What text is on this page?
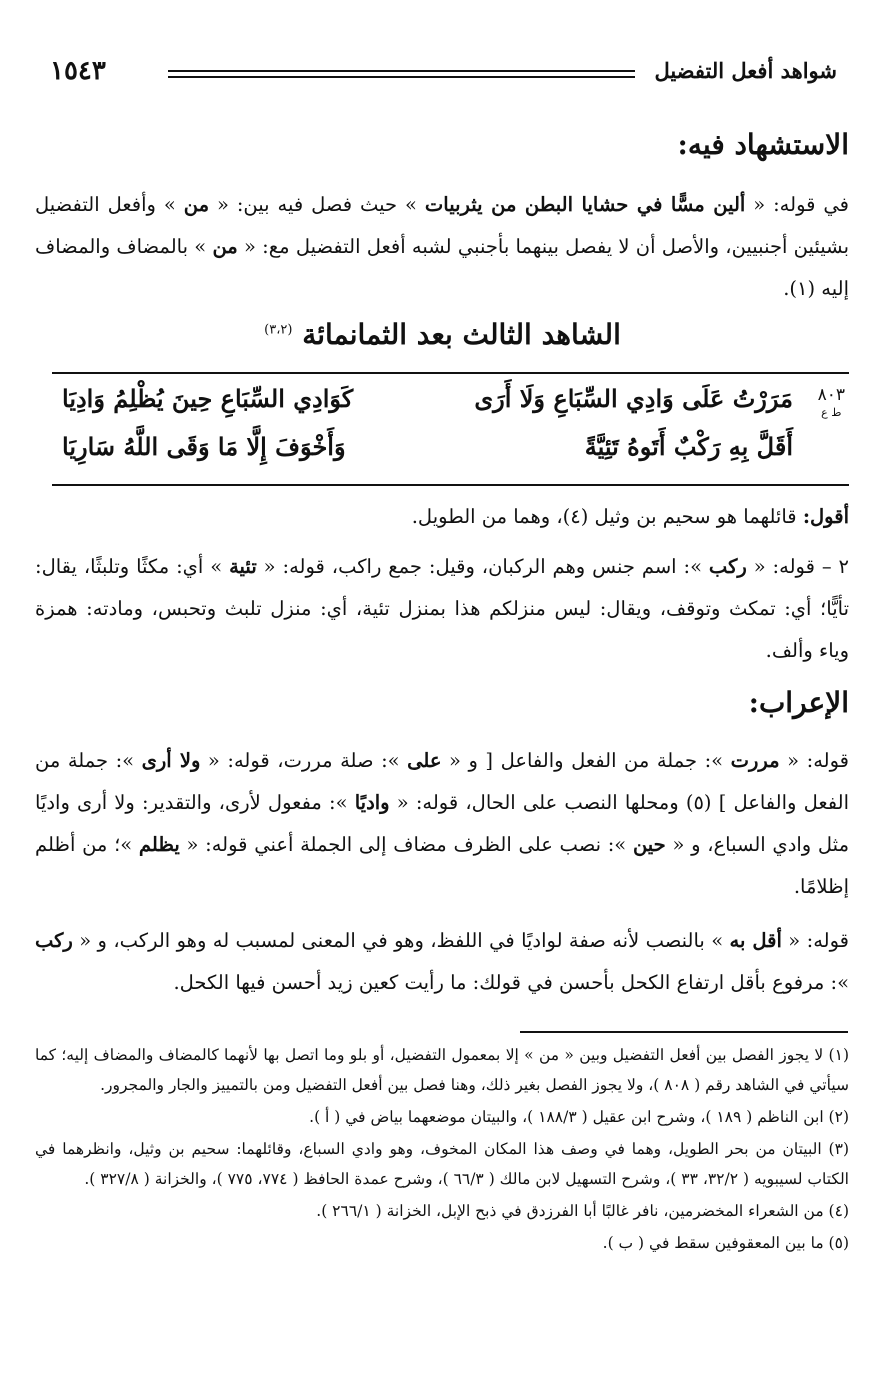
شواهد أفعل التفضيل
١٥٤٣
الاستشهاد فيه:
في قوله: « ألين مسًّا في حشايا البطن من يثربيات » حيث فصل فيه بين: « من » وأفعل التفضيل بشيئين أجنبيين، والأصل أن لا يفصل بينهما بأجنبي لشبه أفعل التفضيل مع: « من » بالمضاف والمضاف إليه (١).
الشاهد الثالث بعد الثمانمائة $^{(٣،٢)}$
٨٠٣
ط ع
مَرَرْتُ عَلَى وَادِي السِّبَاعِ وَلَا أَرَى
كَوَادِي السِّبَاعِ حِينَ يُظْلِمُ وَادِيَا
أَقَلَّ بِهِ رَكْبٌ أَتَوهُ تَئِيَّةً
وَأَخْوَفَ إِلَّا مَا وَقَى اللَّهُ سَارِيَا
أقول: قائلهما هو سحيم بن وثيل (٤)، وهما من الطويل.
٢ – قوله: « ركب »: اسم جنس وهم الركبان، وقيل: جمع راكب، قوله: « تئية » أي: مكثًا وتلبثًا، يقال: تأيًّا؛ أي: تمكث وتوقف، ويقال: ليس منزلكم هذا بمنزل تئية، أي: منزل تلبث وتحبس، ومادته: همزة وياء وألف.
الإعراب:
قوله: « مررت »: جملة من الفعل والفاعل [ و « على »: صلة مررت، قوله: « ولا أرى »: جملة من الفعل والفاعل ] (٥) ومحلها النصب على الحال، قوله: « واديًا »: مفعول لأرى، والتقدير: ولا أرى واديًا مثل وادي السباع، و « حين »: نصب على الظرف مضاف إلى الجملة أعني قوله: « يظلم »؛ من أظلم إظلامًا.
قوله: « أقل به » بالنصب لأنه صفة لواديًا في اللفظ، وهو في المعنى لمسبب له وهو الركب، و « ركب »: مرفوع بأقل ارتفاع الكحل بأحسن في قولك: ما رأيت كعين زيد أحسن فيها الكحل.

(١) لا يجوز الفصل بين أفعل التفضيل وبين « من » إلا بمعمول التفضيل، أو بلو وما اتصل بها لأنهما كالمضاف والمضاف إليه؛ كما سيأتي في الشاهد رقم ( ٨٠٨ )، ولا يجوز الفصل بغير ذلك، وهنا فصل بين أفعل التفضيل ومن بالتمييز والجار والمجرور.

(٢) ابن الناظم ( ١٨٩ )، وشرح ابن عقيل ( ١٨٨/٣ )، والبيتان موضعهما بياض في ( أ ).

(٣) البيتان من بحر الطويل، وهما في وصف هذا المكان المخوف، وهو وادي السباع، وقائلهما: سحيم بن وثيل، وانظرهما في الكتاب لسيبويه ( ٣٢/٢، ٣٣ )، وشرح التسهيل لابن مالك ( ٦٦/٣ )، وشرح عمدة الحافظ ( ٧٧٤، ٧٧٥ )، والخزانة ( ٣٢٧/٨ ).

(٤) من الشعراء المخضرمين، نافر غالبًا أبا الفرزدق في ذبح الإبل، الخزانة ( ٢٦٦/١ ).

(٥) ما بين المعقوفين سقط في ( ب ).
